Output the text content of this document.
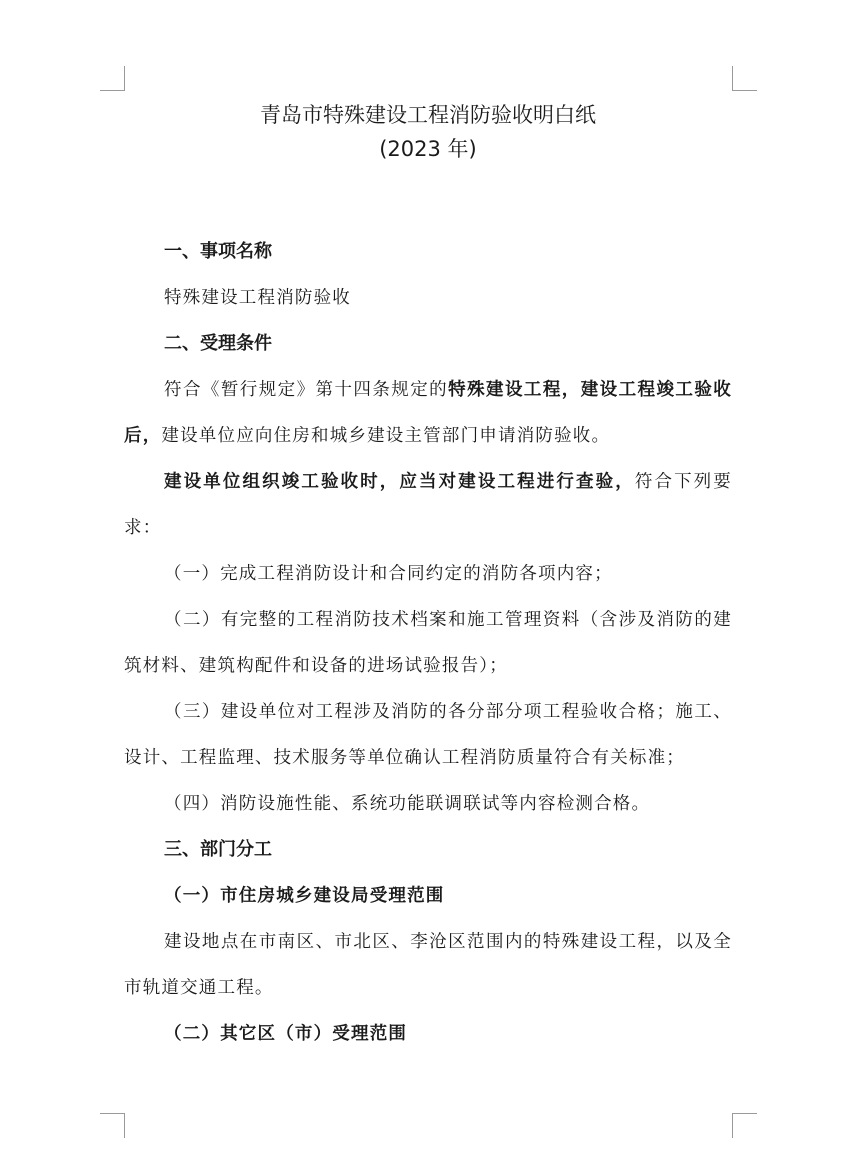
青岛市特殊建设工程消防验收明白纸
(2023 年)

一、事项名称

特殊建设工程消防验收

二、受理条件

符合《暂行规定》第十四条规定的特殊建设工程，建设工程竣工验收后，建设单位应向住房和城乡建设主管部门申请消防验收。

建设单位组织竣工验收时，应当对建设工程进行查验，符合下列要求：

（一）完成工程消防设计和合同约定的消防各项内容；

（二）有完整的工程消防技术档案和施工管理资料（含涉及消防的建筑材料、建筑构配件和设备的进场试验报告）；

（三）建设单位对工程涉及消防的各分部分项工程验收合格；施工、设计、工程监理、技术服务等单位确认工程消防质量符合有关标准；

（四）消防设施性能、系统功能联调联试等内容检测合格。

三、部门分工

（一）市住房城乡建设局受理范围

建设地点在市南区、市北区、李沧区范围内的特殊建设工程，以及全市轨道交通工程。

（二）其它区（市）受理范围
